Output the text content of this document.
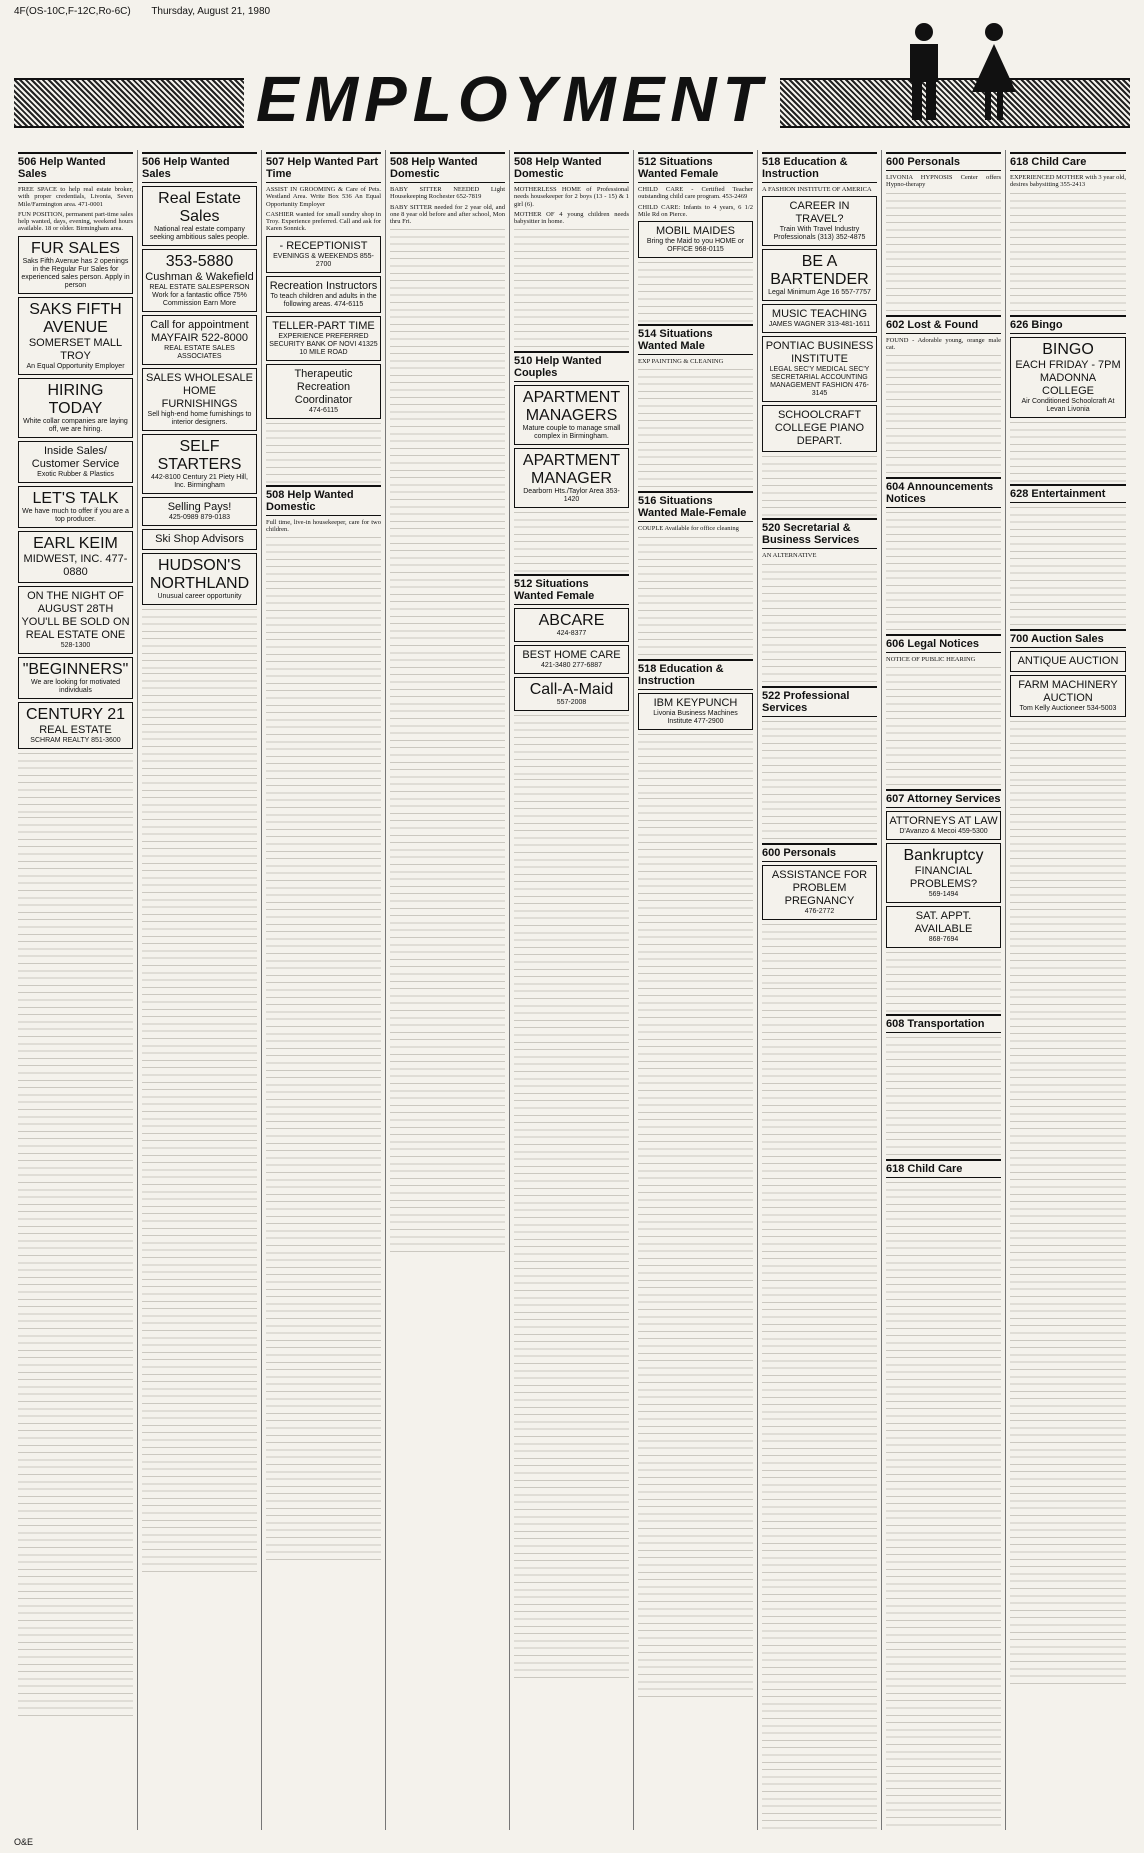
4F(OS-10C,F-12C,Ro-6C) Thursday, August 21, 1980
EMPLOYMENT
506 Help Wanted Sales

FREE SPACE to help real estate broker, with proper credentials, Livonia, Seven Mile/Farmington area. 471-0001

FUN POSITION, permanent part-time sales help wanted, days, evening, weekend hours available. 18 or older. Birmingham area.

FUR SALES
Saks Fifth Avenue has 2 openings in the Regular Fur Sales for experienced sales person. Apply in person
SAKS FIFTH AVENUE
SOMERSET MALL TROY
An Equal Opportunity Employer
HIRING TODAY
White collar companies are laying off, we are hiring.
Inside Sales/ Customer Service
Exotic Rubber & Plastics
LET'S TALK
We have much to offer if you are a top producer.
EARL KEIM
MIDWEST, INC. 477-0880
ON THE NIGHT OF AUGUST 28TH YOU'LL BE SOLD ON REAL ESTATE ONE
528-1300
"BEGINNERS"
We are looking for motivated individuals
CENTURY 21
REAL ESTATE
SCHRAM REALTY 851-3600
506 Help Wanted Sales
Real Estate Sales
National real estate company seeking ambitious sales people.
353-5880
Cushman & Wakefield
REAL ESTATE SALESPERSON Work for a fantastic office 75% Commission Earn More
Call for appointment MAYFAIR 522-8000
REAL ESTATE SALES ASSOCIATES
SALES WHOLESALE HOME FURNISHINGS
Sell high-end home furnishings to interior designers.
SELF STARTERS
442-8100 Century 21 Piety Hill, Inc. Birmingham
Selling Pays!
425-0989 879-0183
Ski Shop Advisors
HUDSON'S NORTHLAND
Unusual career opportunity
507 Help Wanted Part Time

ASSIST IN GROOMING & Care of Pets. Westland Area. Write Box 536 An Equal Opportunity Employer

CASHIER wanted for small sundry shop in Troy. Experience preferred. Call and ask for Karen Sonnick.

- RECEPTIONIST
EVENINGS & WEEKENDS 855-2700
Recreation Instructors
To teach children and adults in the following areas. 474-6115
TELLER-PART TIME
EXPERIENCE PREFERRED SECURITY BANK OF NOVI 41325 10 MILE ROAD
Therapeutic Recreation Coordinator
474-6115
508 Help Wanted Domestic

Full time, live-in housekeeper, care for two children.

508 Help Wanted Domestic

BABY SITTER NEEDED Light Housekeeping Rochester 652-7819

BABY SITTER needed for 2 year old, and one 8 year old before and after school, Mon thru Fri.

508 Help Wanted Domestic

MOTHERLESS HOME of Professional needs housekeeper for 2 boys (13 - 15) & 1 girl (6).

MOTHER OF 4 young children needs babysitter in home.

510 Help Wanted Couples
APARTMENT MANAGERS
Mature couple to manage small complex in Birmingham.
APARTMENT MANAGER
Dearborn Hts./Taylor Area 353-1420
512 Situations Wanted Female
ABCARE
424-8377
BEST HOME CARE
421-3480 277-6887
Call-A-Maid
557-2008
512 Situations Wanted Female

CHILD CARE - Certified Teacher outstanding child care program. 453-2469

CHILD CARE: Infants to 4 years, 6 1/2 Mile Rd on Pierce.

MOBIL MAIDES
Bring the Maid to you HOME or OFFICE 968-0115
514 Situations Wanted Male

EXP PAINTING & CLEANING

516 Situations Wanted Male-Female

COUPLE Available for office cleaning

518 Education & Instruction
IBM KEYPUNCH
Livonia Business Machines Institute 477-2900
518 Education & Instruction

A FASHION INSTITUTE OF AMERICA

CAREER IN TRAVEL?
Train With Travel Industry Professionals (313) 352-4875
BE A BARTENDER
Legal Minimum Age 16 557-7757
MUSIC TEACHING
JAMES WAGNER 313-481-1611
PONTIAC BUSINESS INSTITUTE
LEGAL SEC'Y MEDICAL SEC'Y SECRETARIAL ACCOUNTING MANAGEMENT FASHION 476-3145
SCHOOLCRAFT COLLEGE PIANO DEPART.
520 Secretarial & Business Services

AN ALTERNATIVE

522 Professional Services
600 Personals
ASSISTANCE FOR PROBLEM PREGNANCY
476-2772
600 Personals

LIVONIA HYPNOSIS Center offers Hypno-therapy

602 Lost & Found

FOUND - Adorable young, orange male cat.

604 Announcements Notices
606 Legal Notices

NOTICE OF PUBLIC HEARING

607 Attorney Services
ATTORNEYS AT LAW
D'Avanzo & Mecoi 459-5300
Bankruptcy
FINANCIAL PROBLEMS?
569-1494
SAT. APPT. AVAILABLE
868-7694
608 Transportation
618 Child Care
618 Child Care

EXPERIENCED MOTHER with 3 year old, desires babysitting 355-2413

626 Bingo
BINGO
EACH FRIDAY - 7PM MADONNA COLLEGE
Air Conditioned Schoolcraft At Levan Livonia
628 Entertainment
700 Auction Sales
ANTIQUE AUCTION
FARM MACHINERY AUCTION
Tom Kelly Auctioneer 534-5003
O&E
